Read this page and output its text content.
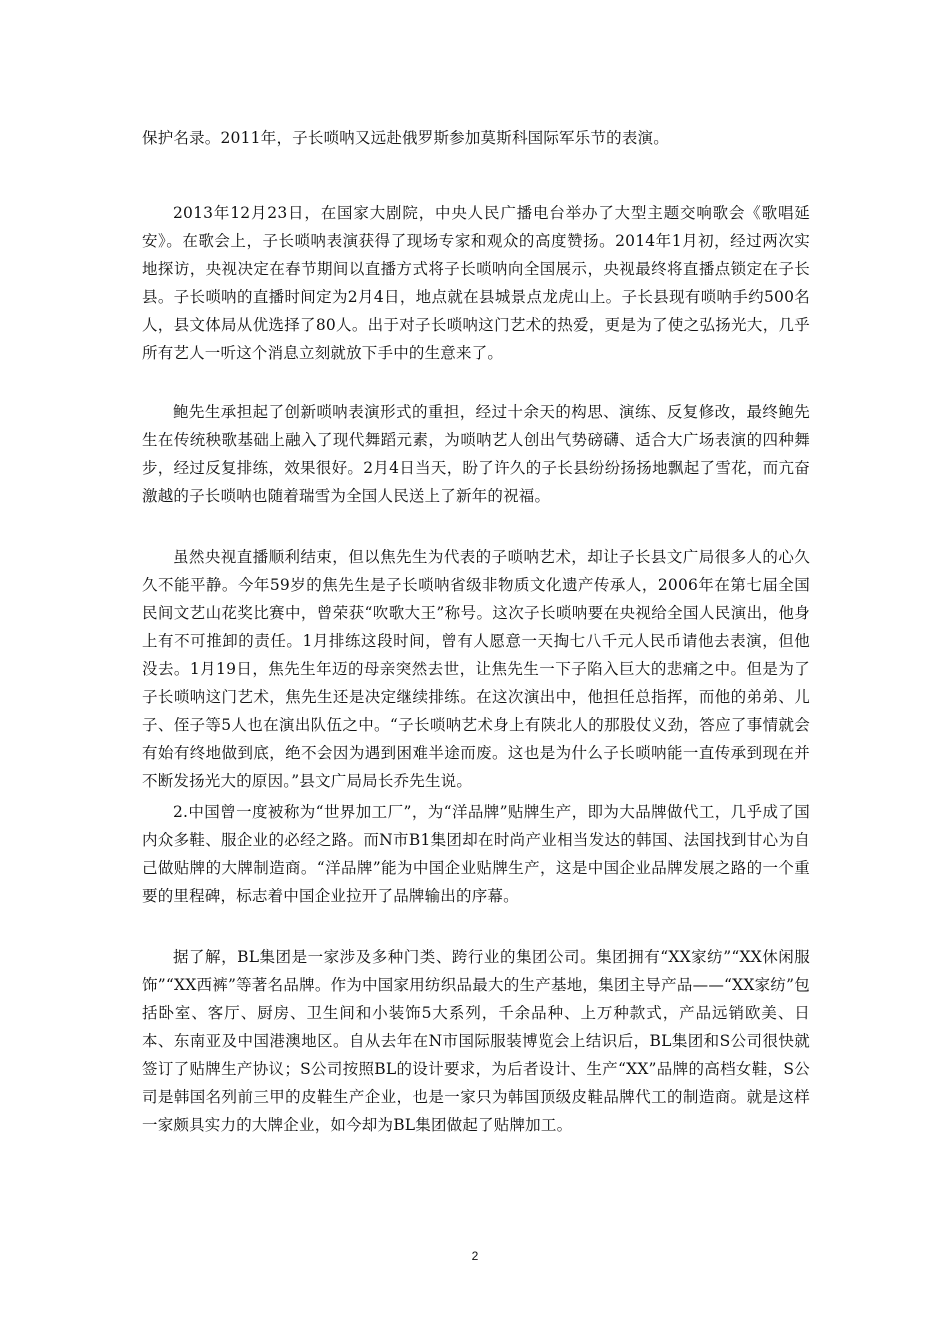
保护名录。2011年，子长唢呐又远赴俄罗斯参加莫斯科国际军乐节的表演。

2013年12月23日，在国家大剧院，中央人民广播电台举办了大型主题交响歌会《歌唱延安》。在歌会上，子长唢呐表演获得了现场专家和观众的高度赞扬。2014年1月初，经过两次实地探访，央视决定在春节期间以直播方式将子长唢呐向全国展示，央视最终将直播点锁定在子长县。子长唢呐的直播时间定为2月4日，地点就在县城景点龙虎山上。子长县现有唢呐手约500名人，县文体局从优选择了80人。出于对子长唢呐这门艺术的热爱，更是为了使之弘扬光大，几乎所有艺人一听这个消息立刻就放下手中的生意来了。

鲍先生承担起了创新唢呐表演形式的重担，经过十余天的构思、演练、反复修改，最终鲍先生在传统秧歌基础上融入了现代舞蹈元素，为唢呐艺人创出气势磅礴、适合大广场表演的四种舞步，经过反复排练，效果很好。2月4日当天，盼了许久的子长县纷纷扬扬地飘起了雪花，而亢奋激越的子长唢呐也随着瑞雪为全国人民送上了新年的祝福。

虽然央视直播顺利结束，但以焦先生为代表的子唢呐艺术，却让子长县文广局很多人的心久久不能平静。今年59岁的焦先生是子长唢呐省级非物质文化遗产传承人，2006年在第七届全国民间文艺山花奖比赛中，曾荣获“吹歌大王”称号。这次子长唢呐要在央视给全国人民演出，他身上有不可推卸的责任。1月排练这段时间，曾有人愿意一天掏七八千元人民币请他去表演，但他没去。1月19日，焦先生年迈的母亲突然去世，让焦先生一下子陷入巨大的悲痛之中。但是为了子长唢呐这门艺术，焦先生还是决定继续排练。在这次演出中，他担任总指挥，而他的弟弟、儿子、侄子等5人也在演出队伍之中。“子长唢呐艺术身上有陕北人的那股仗义劲，答应了事情就会有始有终地做到底，绝不会因为遇到困难半途而废。这也是为什么子长唢呐能一直传承到现在并不断发扬光大的原因。”县文广局局长乔先生说。

2.中国曾一度被称为“世界加工厂”，为“洋品牌”贴牌生产，即为大品牌做代工，几乎成了国内众多鞋、服企业的必经之路。而N市B1集团却在时尚产业相当发达的韩国、法国找到甘心为自己做贴牌的大牌制造商。“洋品牌”能为中国企业贴牌生产，这是中国企业品牌发展之路的一个重要的里程碑，标志着中国企业拉开了品牌输出的序幕。

据了解，BL集团是一家涉及多种门类、跨行业的集团公司。集团拥有“XX家纺”“XX休闲服饰”“XX西裤”等著名品牌。作为中国家用纺织品最大的生产基地，集团主导产品——“XX家纺”包括卧室、客厅、厨房、卫生间和小装饰5大系列，千余品种、上万种款式，产品远销欧美、日本、东南亚及中国港澳地区。自从去年在N市国际服装博览会上结识后，BL集团和S公司很快就签订了贴牌生产协议；S公司按照BL的设计要求，为后者设计、生产“XX”品牌的高档女鞋，S公司是韩国名列前三甲的皮鞋生产企业，也是一家只为韩国顶级皮鞋品牌代工的制造商。就是这样一家颇具实力的大牌企业，如今却为BL集团做起了贴牌加工。

2
